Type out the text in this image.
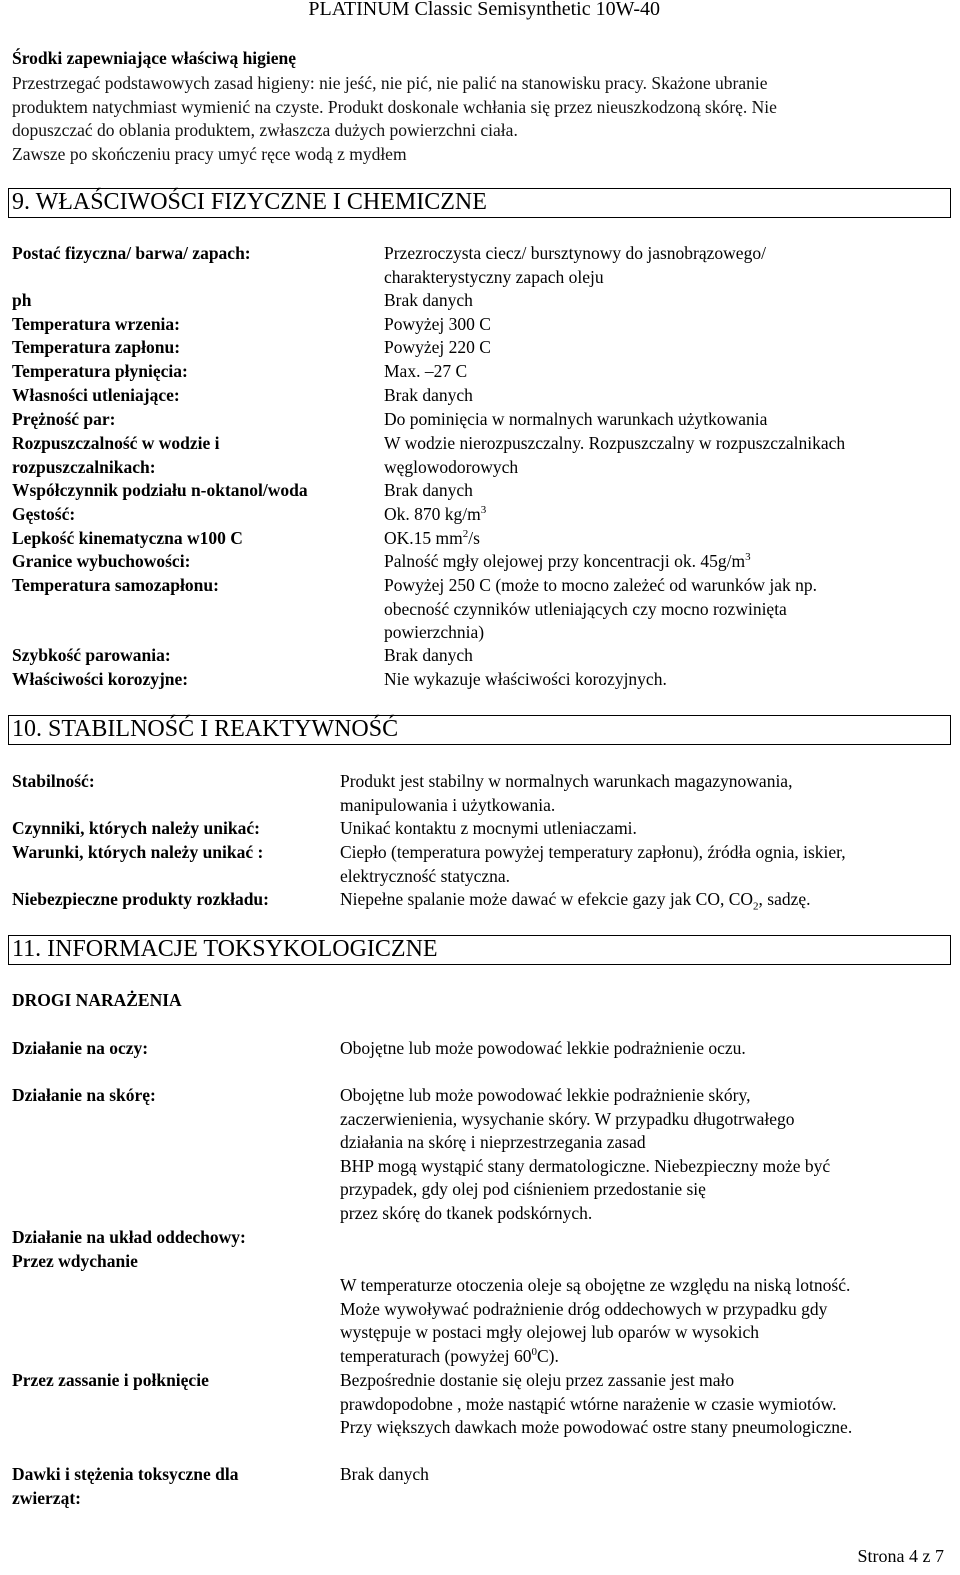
PLATINUM Classic Semisynthetic 10W-40
Środki zapewniające właściwą higienę
Przestrzegać podstawowych zasad higieny: nie jeść, nie pić, nie palić na stanowisku pracy. Skażone ubranie
produktem natychmiast wymienić na czyste. Produkt doskonale wchłania się przez nieuszkodzoną skórę. Nie
dopuszczać do oblania produktem, zwłaszcza dużych powierzchni ciała.
Zawsze po skończeniu pracy umyć ręce wodą z mydłem
9. WŁAŚCIWOŚCI FIZYCZNE I CHEMICZNE
Postać fizyczna/ barwa/ zapach:	Przezroczysta ciecz/ bursztynowy do jasnobrązowego/
charakterystyczny zapach oleju
ph	Brak danych
Temperatura wrzenia:	Powyżej 300 C
Temperatura zapłonu:	Powyżej 220 C
Temperatura płynięcia:	Max. –27 C
Własności utleniające:	Brak danych
Prężność par:	Do pominięcia w normalnych warunkach użytkowania
Rozpuszczalność w wodzie i
rozpuszczalnikach:
W wodzie nierozpuszczalny. Rozpuszczalny w rozpuszczalnikach
węglowodorowych
Współczynnik podziału n-oktanol/woda	Brak danych
Gęstość:	Ok. 870 $kg/m^3$
Lepkość kinematyczna w100 C	OK.15 $mm^2/s$
Granice wybuchowości:	Palność mgły olejowej przy koncentracji ok. $45g/m^3$
Temperatura samozapłonu:	Powyżej 250 C (może to mocno zależeć od warunków jak np.
obecność czynników utleniających czy mocno rozwinięta
powierzchnia)
Szybkość parowania:	Brak danych
Właściwości korozyjne:	Nie wykazuje właściwości korozyjnych.
10. STABILNOŚĆ I REAKTYWNOŚĆ
Stabilność:	Produkt jest stabilny w normalnych warunkach magazynowania,
manipulowania i użytkowania.
Czynniki, których należy unikać:	Unikać kontaktu z mocnymi utleniaczami.
Warunki, których należy unikać :	Ciepło (temperatura powyżej temperatury zapłonu), źródła ognia, iskier,
elektryczność statyczna.
Niebezpieczne produkty rozkładu:	Niepełne spalanie może dawać w efekcie gazy jak CO, $CO_2$, sadzę.
11. INFORMACJE TOKSYKOLOGICZNE
DROGI NARAŻENIA
Działanie na oczy:	Obojętne lub może powodować lekkie podrażnienie oczu.
Działanie na skórę:	Obojętne lub może powodować lekkie podrażnienie skóry,
zaczerwienienia, wysychanie skóry. W przypadku długotrwałego
działania na skórę i nieprzestrzegania zasad
BHP mogą wystąpić stany dermatologiczne. Niebezpieczny może być
przypadek, gdy olej pod ciśnieniem przedostanie się
przez skórę do tkanek podskórnych.
Działanie na układ oddechowy:
Przez wdychanie
W temperaturze otoczenia oleje są obojętne ze względu na niską lotność.
Może wywoływać podrażnienie dróg oddechowych w przypadku gdy
występuje w postaci mgły olejowej lub oparów w wysokich
temperaturach (powyżej $60^0C$).
Przez zassanie i połknięcie	Bezpośrednie dostanie się oleju przez zassanie jest mało
prawdopodobne , może nastąpić wtórne narażenie w czasie wymiotów.
Przy większych dawkach może powodować ostre stany pneumologiczne.
Dawki i stężenia toksyczne dla
zwierząt:
Brak danych
Strona 4 z 7
